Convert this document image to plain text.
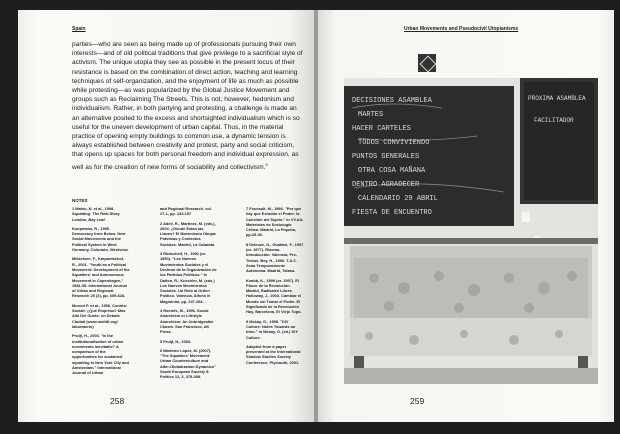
Spain

parties—who are seen as being made up of professionals pursuing their own interests—and of old political traditions that give privilege to a sacrificial style of activism. The unique utopia they see as possible in the present locus of their resistance is based on the combination of direct action, teaching and learning techniques of self-organization, and the enjoyment of life as much as possible while protesting—as was popularized by the Global Justice Movement and groups such as Reclaiming The Streets. This is not, however, hedonism and individualism. Rather, in both partying and protesting, a challenge is made an an alternative posited to the excess and shortsighted individualism which is so useful for the uneven development of urban capital. Thus, in the material practice of opening empty buildings to common use, a dynamic tension is always established between creativity and protest, party and social criticism, that opens up spaces for both personal freedom and individual expression, as well as for the creation of new forms of sociability and collectivism.$^9$

NOTES

1 Mateu, N. et al., 1998. Squatting: The Real Story. London, Bay Leaf.

Koopmans, R., 1995. Democracy from Below. New Social Movements and the Political System in West Germany. Colorado, Westview.

Mikkelsen, F., Karpantschof, R., 2001. "Youth as a Political Movement: Development of the Squatters' and Autonomous Movement in Copenhagen," 1981-95. International Journal of Urban and Regional Research 25 (3), pp. 609-628.

Moroni P. et al., 1996. Centrisi Sociali: ¿Qué Empresa? Mas Allá Del Gueto: un Debate Ciudad (www.moltiti.org/ laboratorio)

Pruijt, H., 2003. "Is the institutionalisation of urban movements inevitable? A comparison of the opportunities for sustained squatting in New York City and Amsterdam." International Journal of Urban

and Regional Research, vol. 27-1, pp. 133-157

2 Adell, R., Martínez, M. (eds.), 2004. ¿Dónde Están las Llaves? El Movimiento Okupa: Prácticas y Contextos Sociales. Madrid, La Catarata.

3 Rüdschelt, H., 1992 (or. 1990). "Los Nuevos Movimientos Sociales y el Declinar de la Organización de los Partidos Políticos." In Dalton, R., Kuechler, M. (eds.) Los Nuevos Movimientos Sociales. Un Reto al Orden Político. Valencia, Alfons el Magnánim, pp. 247-284.

4 Roelofs, M., 1996. Social Anarchism or Lifestyle Anarchism: An Unbridgeable Chasm. San Francisco, AK Press.

5 Pruijt, H., 2003.

6 Martínez López, M. (2007). "The Squatters' Movement: Urban Counterculture and Alter-Globalization Dynamics" South European Society & Politics 12, 3, 379-398.

7 Foucault, M., 1986. "Por qué hay que Estudiar el Poder: la Cuestión del Sujeto." In VV.AA. Materiales de Sociología Crítica. Madrid, La Piqueta, pp.25-36.

8 Deleuze, G., Guattari, F., 1997 (or. 1977). Rizoma. Introducción. Valencia, Pre-Textos. Bey, H., 1996. T.A.Z. Zona Temporalmente Autónoma. Madrid, Talasa.

Knabb, K., 1999 (or. 1997). El Placer de la Revolución. Madrid, Radikales Libres. Holloway, J., 2003. Cambiar el Mundo sin Tomar el Poder. El Significado de la Revolución Hoy. Barcelona, El Viejo Topo.

9 Mckay, G., 1998. "DIY Culture: Notes Towards an Intro." In Mckay, G. (ed.) DIY Culture.

Adapted from a paper presented at the International Shadow Studies Society Conference, Plymouth, 2001.

258
Urban Movements and Pseudocivil Utopianisms
DECISIONES ASAMBLEA
MARTES
HACER CARTELES
TODOS CONVIVIENDO
PUNTOS GENERALES
OTRA COSA MAÑANA
DENTRO AGRADECER
CALENDARIO 29 ABRIL
FIESTA DE ENCUENTRO
PROXIMA ASAMBLEA
FACILITADOR
259
